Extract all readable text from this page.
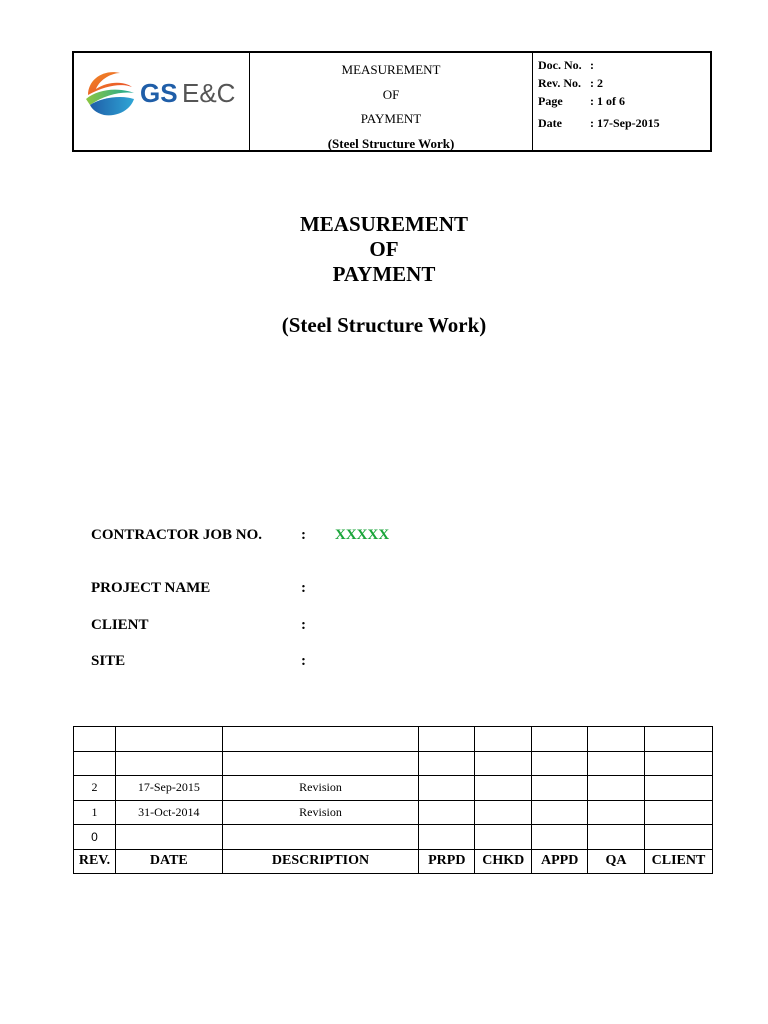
GS E&C
MEASUREMENT
OF
PAYMENT
(Steel Structure Work)
Doc. No. :
Rev. No. : 2
Page	: 1 of 6
Date	: 17-Sep-2015
MEASUREMENT
OF
PAYMENT
(Steel Structure Work)
CONTRACTOR JOB NO.	: XXXXX
PROJECT NAME	:
CLIENT	:
SITE	:

2	17-Sep-2015	Revision					
1	31-Oct-2014	Revision					
0							
REV.	DATE	DESCRIPTION	PRPD	CHKD	APPD	QA	CLIENT
